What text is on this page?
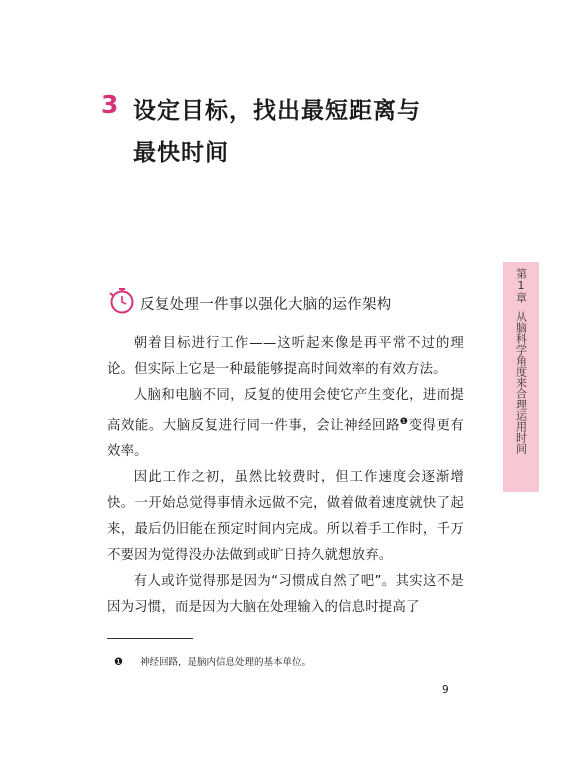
3 设定目标，找出最短距离与
最快时间
第
1
章
从脑科学角度来合理运用时间
反复处理一件事以强化大脑的运作架构

朝着目标进行工作——这听起来像是再平常不过的理论。但实际上它是一种最能够提高时间效率的有效方法。

人脑和电脑不同，反复的使用会使它产生变化，进而提高效能。大脑反复进行同一件事，会让神经回路$^❶$变得更有效率。

因此工作之初，虽然比较费时，但工作速度会逐渐增快。一开始总觉得事情永远做不完，做着做着速度就快了起来，最后仍旧能在预定时间内完成。所以着手工作时，千万不要因为觉得没办法做到或旷日持久就想放弃。

有人或许觉得那是因为“习惯成自然了吧”。其实这不是因为习惯，而是因为大脑在处理输入的信息时提高了

❶ 神经回路，是脑内信息处理的基本单位。
9
